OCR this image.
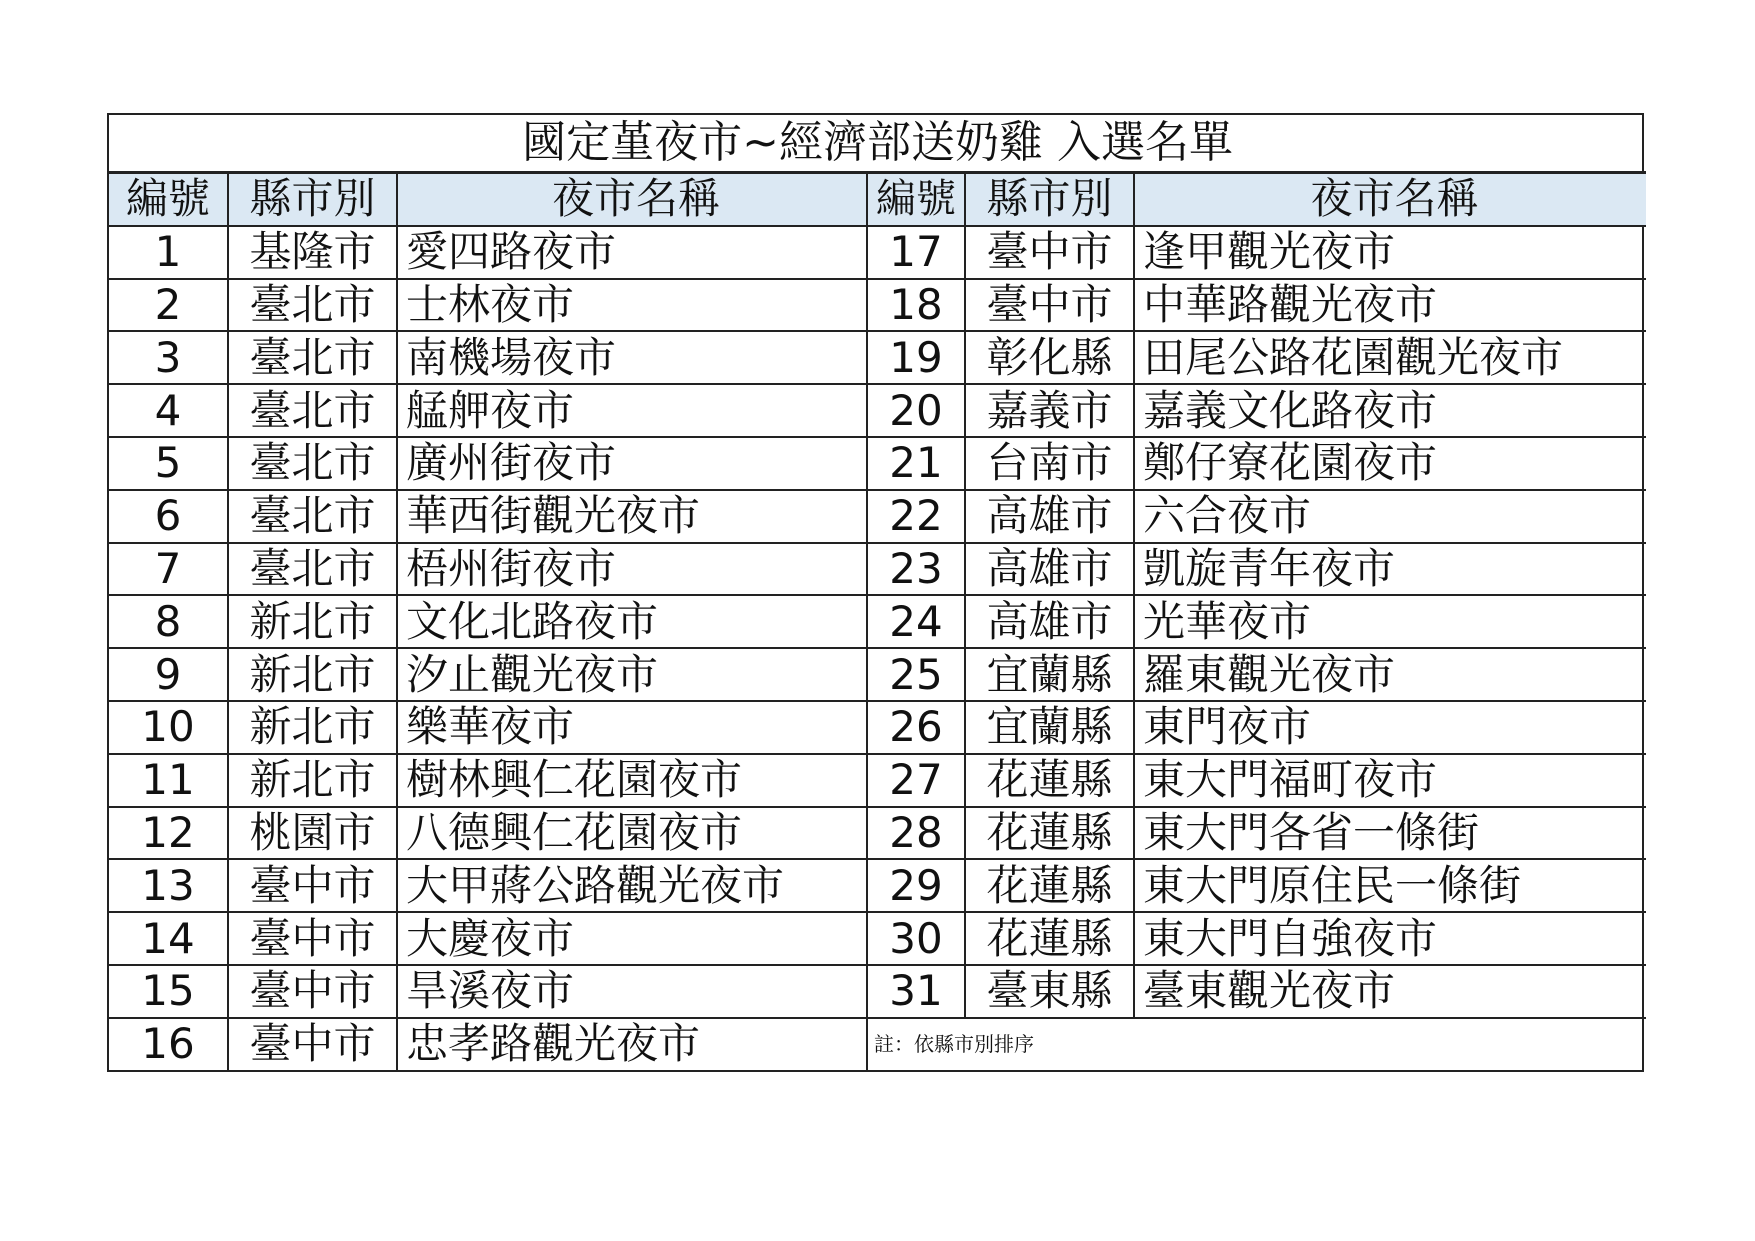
國定堇夜市~經濟部送奶雞 入選名單					
編號	縣市別	夜市名稱	編號	縣市別	夜市名稱
1	基隆市	愛四路夜市	17	臺中市	逢甲觀光夜市
2	臺北市	士林夜市	18	臺中市	中華路觀光夜市
3	臺北市	南機場夜市	19	彰化縣	田尾公路花園觀光夜市
4	臺北市	艋舺夜市	20	嘉義市	嘉義文化路夜市
5	臺北市	廣州街夜市	21	台南市	鄭仔寮花園夜市
6	臺北市	華西街觀光夜市	22	高雄市	六合夜市
7	臺北市	梧州街夜市	23	高雄市	凱旋青年夜市
8	新北市	文化北路夜市	24	高雄市	光華夜市
9	新北市	汐止觀光夜市	25	宜蘭縣	羅東觀光夜市
10	新北市	樂華夜市	26	宜蘭縣	東門夜市
11	新北市	樹林興仁花園夜市	27	花蓮縣	東大門福町夜市
12	桃園市	八德興仁花園夜市	28	花蓮縣	東大門各省一條街
13	臺中市	大甲蔣公路觀光夜市	29	花蓮縣	東大門原住民一條街
14	臺中市	大慶夜市	30	花蓮縣	東大門自強夜市
15	臺中市	旱溪夜市	31	臺東縣	臺東觀光夜市
16	臺中市	忠孝路觀光夜市	註：依縣市別排序		
